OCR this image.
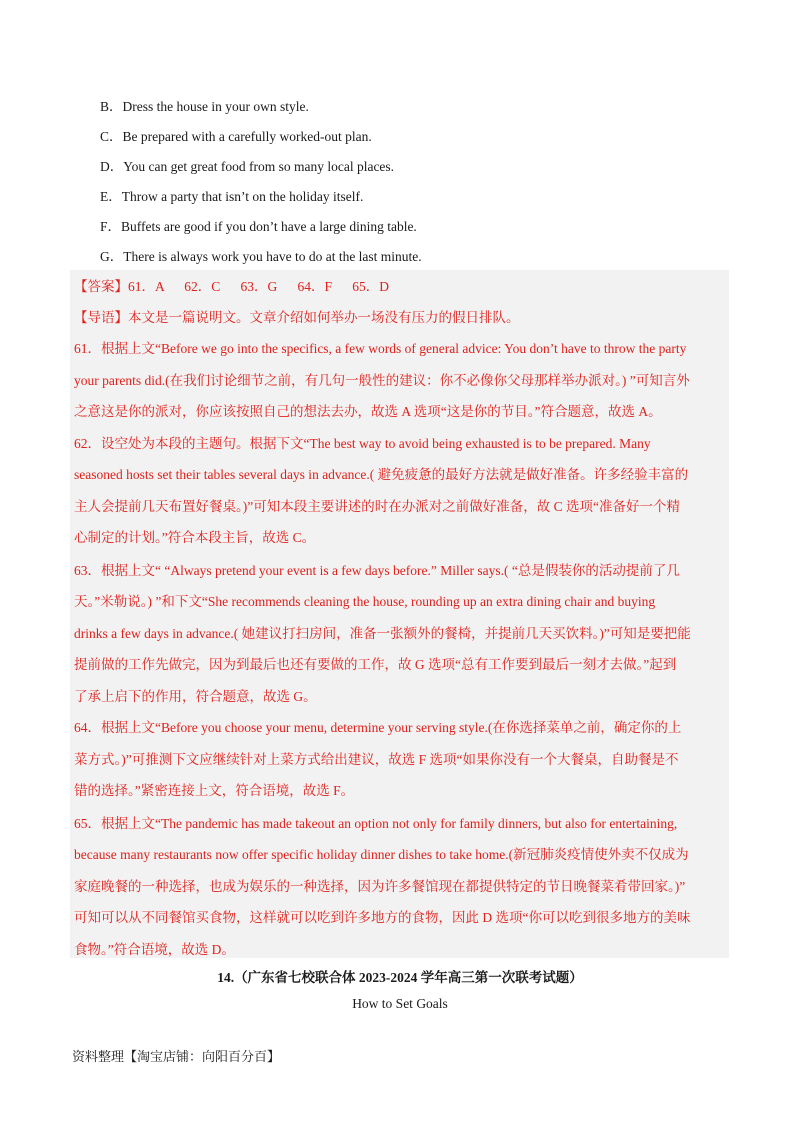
B．Dress the house in your own style.
C．Be prepared with a carefully worked-out plan.
D．You can get great food from so many local places.
E．Throw a party that isn’t on the holiday itself.
F．Buffets are good if you don’t have a large dining table.
G．There is always work you have to do at the last minute.
【答案】61．A      62．C      63．G      64．F      65．D
【导语】本文是一篇说明文。文章介绍如何举办一场没有压力的假日排队。
61．根据上文“Before we go into the specifics, a few words of general advice: You don’t have to throw the party
your parents did.(在我们讨论细节之前，有几句一般性的建议：你不必像你父母那样举办派对。) ”可知言外
之意这是你的派对，你应该按照自己的想法去办，故选 A 选项“这是你的节目。”符合题意，故选 A。
62．设空处为本段的主题句。根据下文“The best way to avoid being exhausted is to be prepared. Many
seasoned hosts set their tables several days in advance.( 避免疲惫的最好方法就是做好准备。许多经验丰富的
主人会提前几天布置好餐桌。)”可知本段主要讲述的时在办派对之前做好准备，故 C 选项“准备好一个精
心制定的计划。”符合本段主旨，故选 C。
63．根据上文“ “Always pretend your event is a few days before.” Miller says.( “总是假装你的活动提前了几
天。”米勒说。) ”和下文“She recommends cleaning the house, rounding up an extra dining chair and buying
drinks a few days in advance.( 她建议打扫房间，准备一张额外的餐椅，并提前几天买饮料。)”可知是要把能
提前做的工作先做完，因为到最后也还有要做的工作，故 G 选项“总有工作要到最后一刻才去做。”起到
了承上启下的作用，符合题意，故选 G。
64．根据上文“Before you choose your menu, determine your serving style.(在你选择菜单之前，确定你的上
菜方式。)”可推测下文应继续针对上菜方式给出建议，故选 F 选项“如果你没有一个大餐桌，自助餐是不
错的选择。”紧密连接上文，符合语境，故选 F。
65．根据上文“The pandemic has made takeout an option not only for family dinners, but also for entertaining,
because many restaurants now offer specific holiday dinner dishes to take home.(新冠肺炎疫情使外卖不仅成为
家庭晚餐的一种选择，也成为娱乐的一种选择，因为许多餐馆现在都提供特定的节日晚餐菜肴带回家。)”
可知可以从不同餐馆买食物，这样就可以吃到许多地方的食物，因此 D 选项“你可以吃到很多地方的美味
食物。”符合语境，故选 D。
14.（广东省七校联合体 2023-2024 学年高三第一次联考试题）
How to Set Goals
资料整理【淘宝店铺：向阳百分百】
